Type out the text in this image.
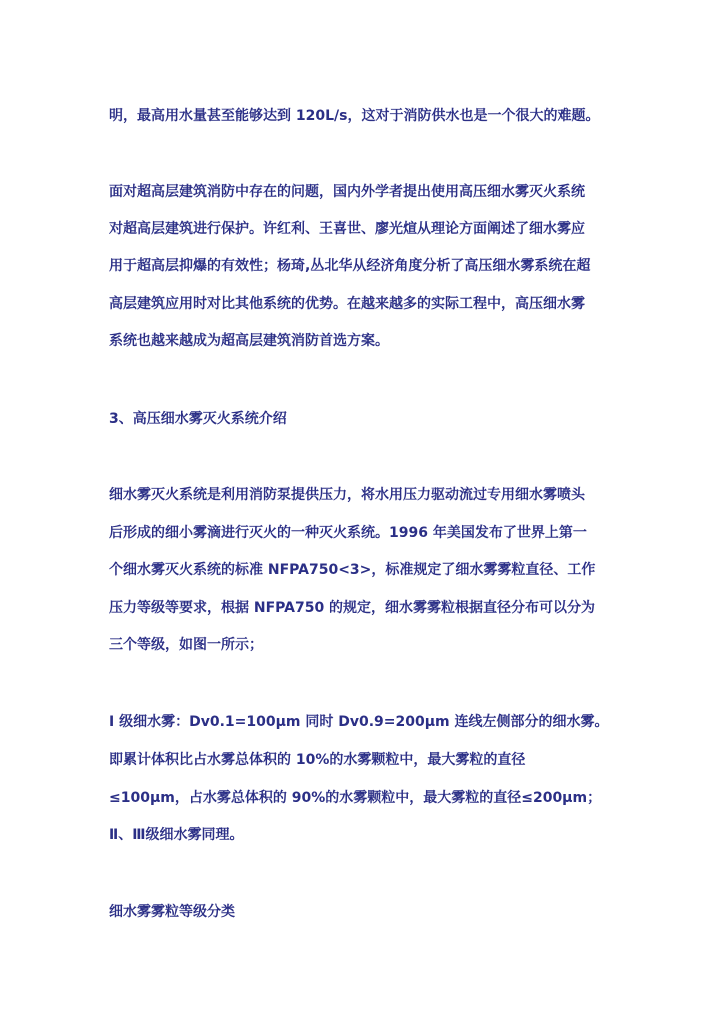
明，最高用水量甚至能够达到 120L/s，这对于消防供水也是一个很大的难题。
面对超高层建筑消防中存在的问题，国内外学者提出使用高压细水雾灭火系统
对超高层建筑进行保护。许红利、王喜世、廖光煊从理论方面阐述了细水雾应
用于超高层抑爆的有效性；杨琦,丛北华从经济角度分析了高压细水雾系统在超
高层建筑应用时对比其他系统的优势。在越来越多的实际工程中，高压细水雾
系统也越来越成为超高层建筑消防首选方案。
3、高压细水雾灭火系统介绍
细水雾灭火系统是利用消防泵提供压力，将水用压力驱动流过专用细水雾喷头
后形成的细小雾滴进行灭火的一种灭火系统。1996 年美国发布了世界上第一
个细水雾灭火系统的标准 NFPA750<3>，标准规定了细水雾雾粒直径、工作
压力等级等要求，根据 NFPA750 的规定，细水雾雾粒根据直径分布可以分为
三个等级，如图一所示；
Ⅰ 级细水雾：Dv0.1=100μm 同时 Dv0.9=200μm 连线左侧部分的细水雾。
即累计体积比占水雾总体积的 10%的水雾颗粒中，最大雾粒的直径
≤100μm，占水雾总体积的 90%的水雾颗粒中，最大雾粒的直径≤200μm；
Ⅱ、Ⅲ级细水雾同理。
细水雾雾粒等级分类
